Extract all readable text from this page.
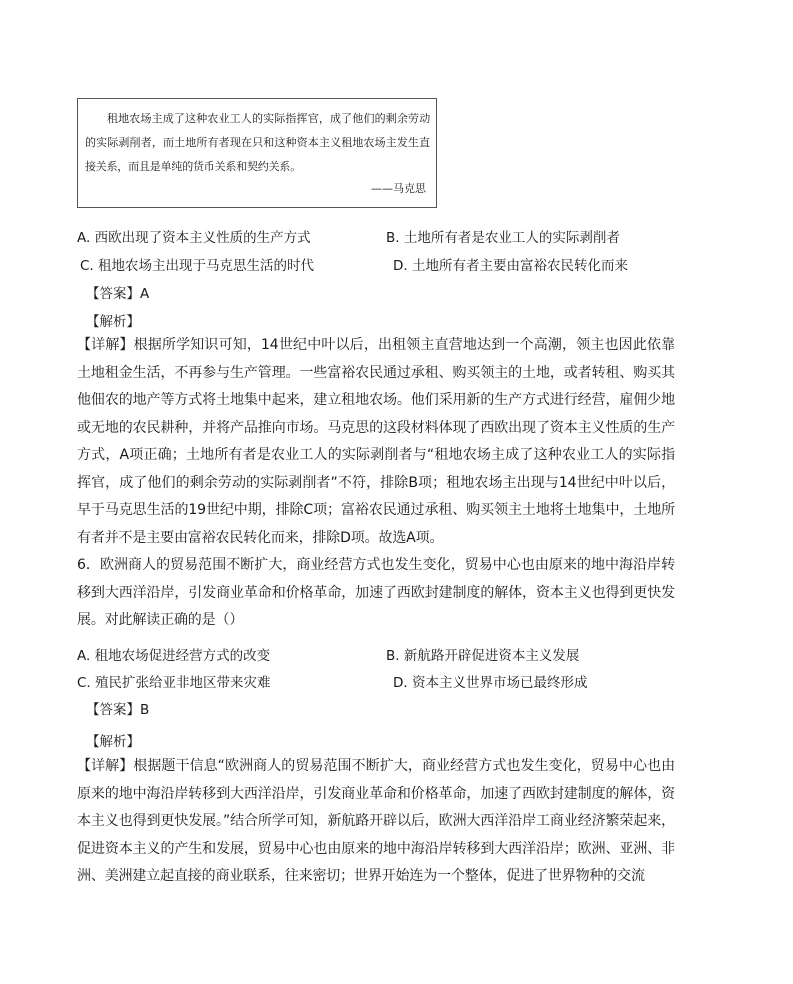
租地农场主成了这种农业工人的实际指挥官，成了他们的剩余劳动的实际剥削者，而土地所有者现在只和这种资本主义租地农场主发生直接关系，而且是单纯的货币关系和契约关系。
——马克思
A. 西欧出现了资本主义性质的生产方式	B. 土地所有者是农业工人的实际剥削者
C. 租地农场主出现于马克思生活的时代	D. 土地所有者主要由富裕农民转化而来
【答案】A
【解析】
【详解】根据所学知识可知，14世纪中叶以后，出租领主直营地达到一个高潮，领主也因此依靠土地租金生活，不再参与生产管理。一些富裕农民通过承租、购买领主的土地，或者转租、购买其他佃农的地产等方式将土地集中起来，建立租地农场。他们采用新的生产方式进行经营，雇佣少地或无地的农民耕种，并将产品推向市场。马克思的这段材料体现了西欧出现了资本主义性质的生产方式，A项正确；土地所有者是农业工人的实际剥削者与“租地农场主成了这种农业工人的实际指挥官，成了他们的剩余劳动的实际剥削者”不符，排除B项；租地农场主出现与14世纪中叶以后，早于马克思生活的19世纪中期，排除C项；富裕农民通过承租、购买领主土地将土地集中，土地所有者并不是主要由富裕农民转化而来，排除D项。故选A项。
6．欧洲商人的贸易范围不断扩大，商业经营方式也发生变化，贸易中心也由原来的地中海沿岸转移到大西洋沿岸，引发商业革命和价格革命，加速了西欧封建制度的解体，资本主义也得到更快发展。对此解读正确的是（）
A. 租地农场促进经营方式的改变	B. 新航路开辟促进资本主义发展
C. 殖民扩张给亚非地区带来灾难	D. 资本主义世界市场已最终形成
【答案】B
【解析】
【详解】根据题干信息“欧洲商人的贸易范围不断扩大，商业经营方式也发生变化，贸易中心也由原来的地中海沿岸转移到大西洋沿岸，引发商业革命和价格革命，加速了西欧封建制度的解体，资本主义也得到更快发展。”结合所学可知，新航路开辟以后，欧洲大西洋沿岸工商业经济繁荣起来，促进资本主义的产生和发展，贸易中心也由原来的地中海沿岸转移到大西洋沿岸；欧洲、亚洲、非洲、美洲建立起直接的商业联系，往来密切；世界开始连为一个整体，促进了世界物种的交流
